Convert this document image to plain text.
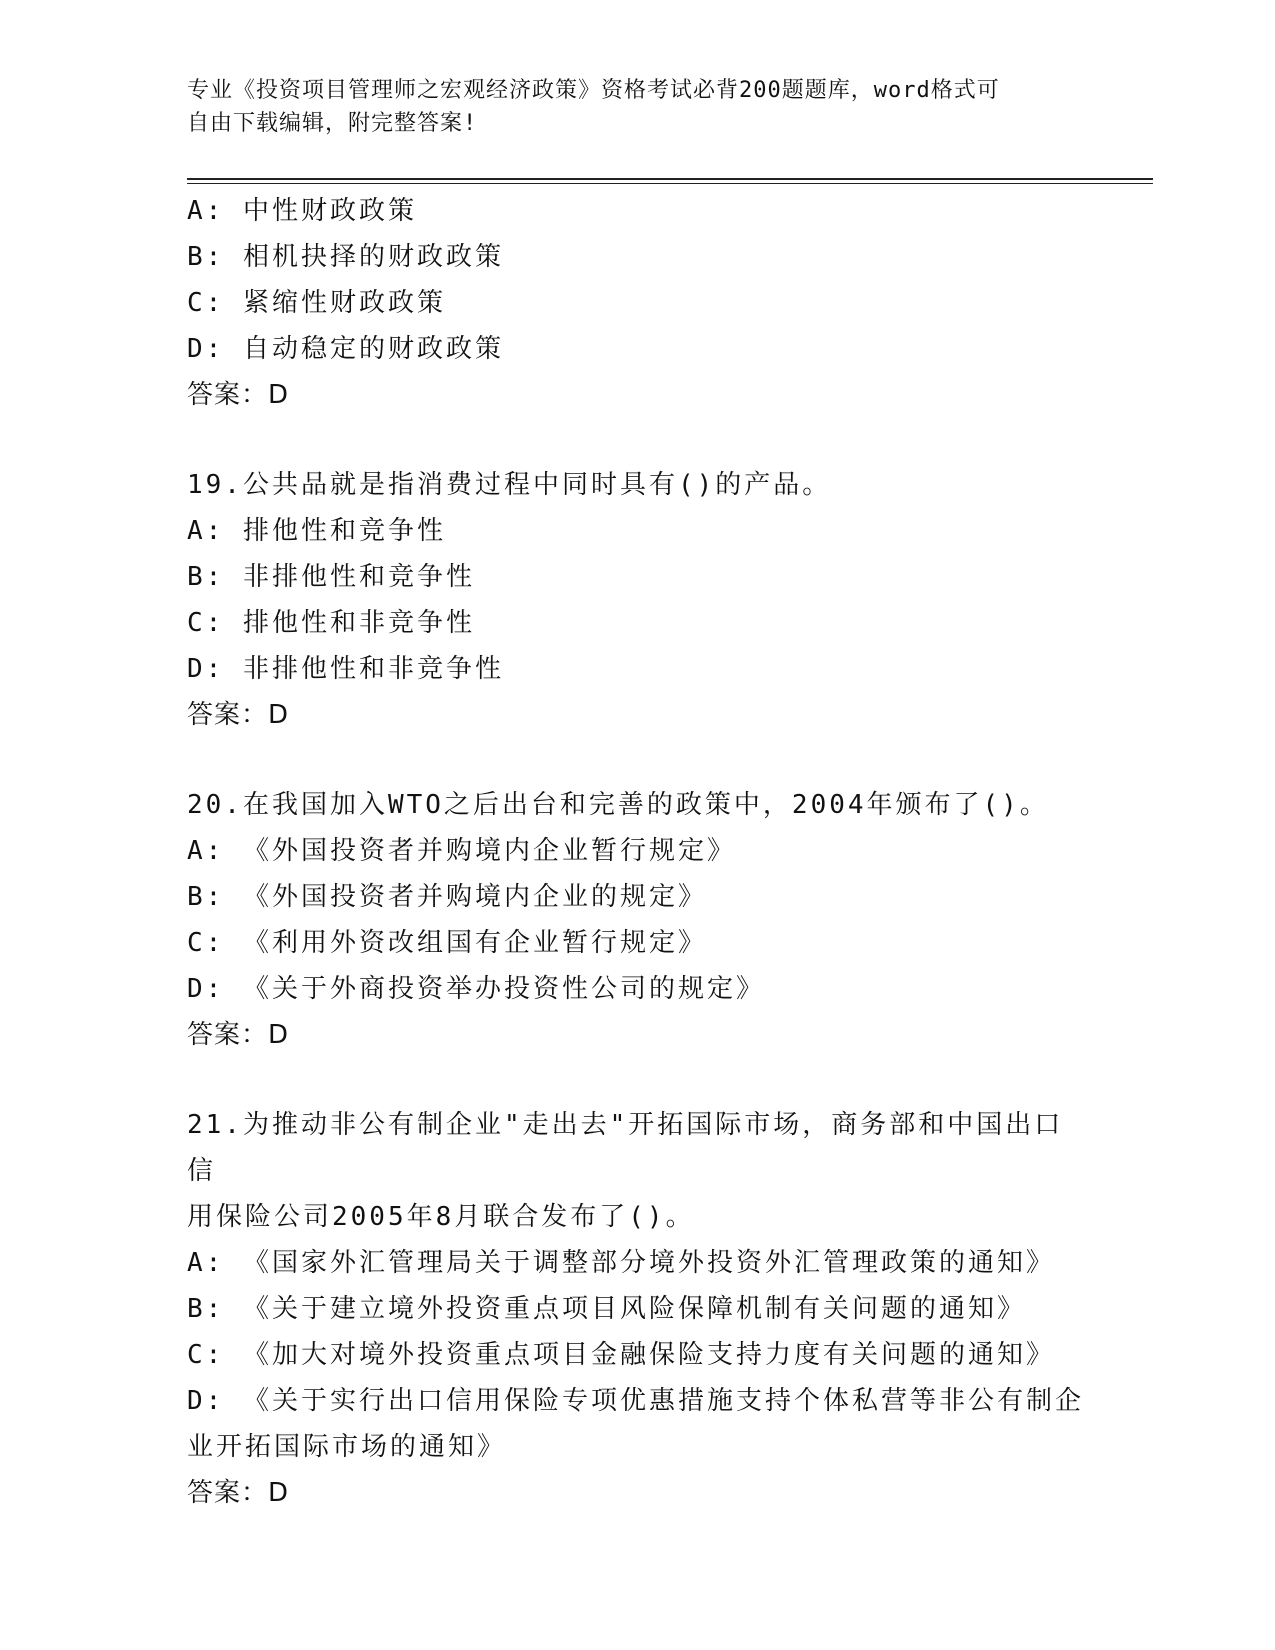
专业《投资项目管理师之宏观经济政策》资格考试必背200题题库，word格式可
自由下载编辑，附完整答案!
A: 中性财政政策
B: 相机抉择的财政政策
C: 紧缩性财政政策
D: 自动稳定的财政政策
答案：D
19.公共品就是指消费过程中同时具有()的产品。
A: 排他性和竞争性
B: 非排他性和竞争性
C: 排他性和非竞争性
D: 非排他性和非竞争性
答案：D
20.在我国加入WTO之后出台和完善的政策中，2004年颁布了()。
A: 《外国投资者并购境内企业暂行规定》
B: 《外国投资者并购境内企业的规定》
C: 《利用外资改组国有企业暂行规定》
D: 《关于外商投资举办投资性公司的规定》
答案：D
21.为推动非公有制企业"走出去"开拓国际市场，商务部和中国出口信
用保险公司2005年8月联合发布了()。
A: 《国家外汇管理局关于调整部分境外投资外汇管理政策的通知》
B: 《关于建立境外投资重点项目风险保障机制有关问题的通知》
C: 《加大对境外投资重点项目金融保险支持力度有关问题的通知》
D: 《关于实行出口信用保险专项优惠措施支持个体私营等非公有制企
业开拓国际市场的通知》
答案：D
